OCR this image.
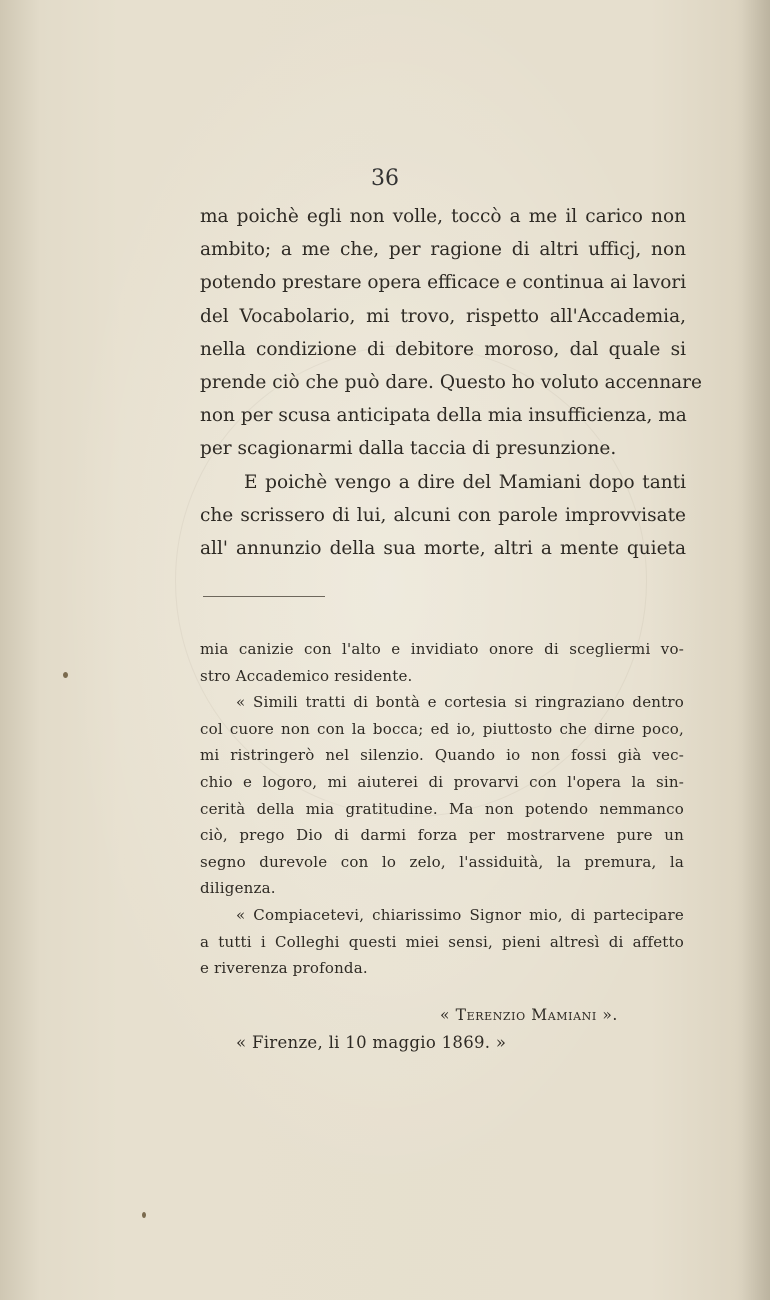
36
ma poichè egli non volle, toccò a me il carico non
ambito; a me che, per ragione di altri ufficj, non
potendo prestare opera efficace e continua ai lavori
del Vocabolario, mi trovo, rispetto all'Accademia,
nella condizione di debitore moroso, dal quale si
prende ciò che può dare. Questo ho voluto accennare
non per scusa anticipata della mia insufficienza, ma
per scagionarmi dalla taccia di presunzione.
E poichè vengo a dire del Mamiani dopo tanti
che scrissero di lui, alcuni con parole improvvisate
all' annunzio della sua morte, altri a mente quieta
mia canizie con l'alto e invidiato onore di scegliermi vo-
stro Accademico residente.
« Simili tratti di bontà e cortesia si ringraziano dentro
col cuore non con la bocca; ed io, piuttosto che dirne poco,
mi ristringerò nel silenzio. Quando io non fossi già vec-
chio e logoro, mi aiuterei di provarvi con l'opera la sin-
cerità della mia gratitudine. Ma non potendo nemmanco
ciò, prego Dio di darmi forza per mostrarvene pure un
segno durevole con lo zelo, l'assiduità, la premura, la
diligenza.
« Compiacetevi, chiarissimo Signor mio, di partecipare
a tutti i Colleghi questi miei sensi, pieni altresì di affetto
e riverenza profonda.
« Terenzio Mamiani ».
« Firenze, li 10 maggio 1869. »
